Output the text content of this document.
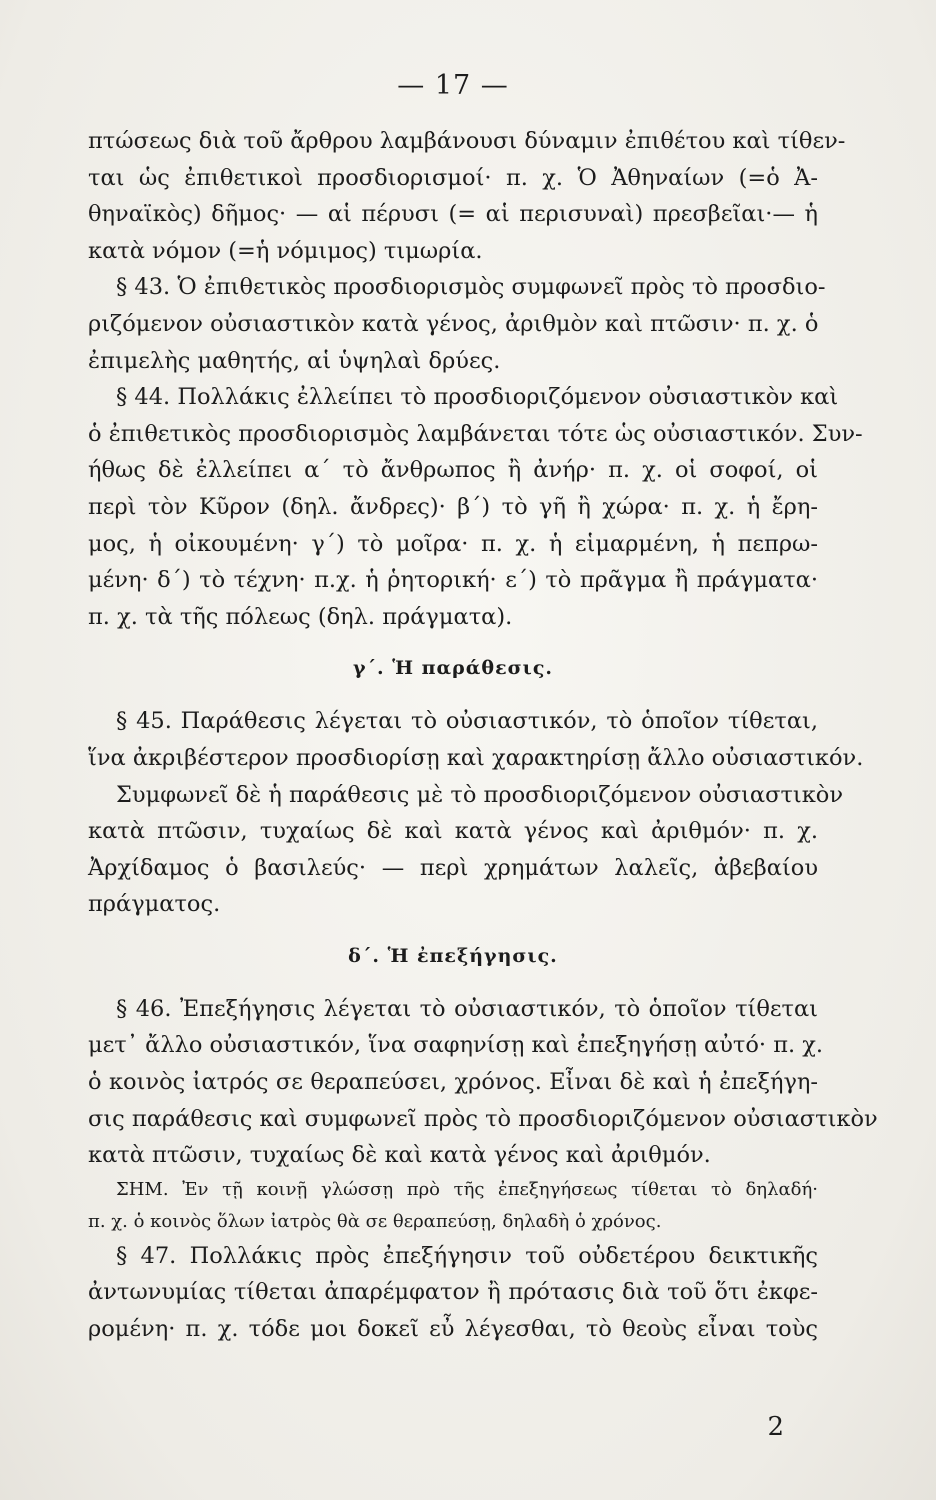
— 17 —
πτώσεως διὰ τοῦ ἄρθρου λαμβάνουσι δύναμιν ἐπιθέτου καὶ τίθεν-
ται ὡς ἐπιθετικοὶ προσδιορισμοί· π. χ. Ὁ Ἀθηναίων (=ὁ Ἀ-
θηναϊκὸς) δῆμος· — αἱ πέρυσι (= αἱ περισυναὶ) πρεσβεῖαι·— ἡ
κατὰ νόμον (=ἡ νόμιμος) τιμωρία.
§ 43. Ὁ ἐπιθετικὸς προσδιορισμὸς συμφωνεῖ πρὸς τὸ προσδιο-
ριζόμενον οὐσιαστικὸν κατὰ γένος, ἀριθμὸν καὶ πτῶσιν· π. χ. ὁ
ἐπιμελὴς μαθητής, αἱ ὑψηλαὶ δρύες.
§ 44. Πολλάκις ἐλλείπει τὸ προσδιοριζόμενον οὐσιαστικὸν καὶ
ὁ ἐπιθετικὸς προσδιορισμὸς λαμβάνεται τότε ὡς οὐσιαστικόν. Συν-
ήθως δὲ ἐλλείπει α΄ τὸ ἄνθρωπος ἢ ἀνήρ· π. χ. οἱ σοφοί, οἱ
περὶ τὸν Κῦρον (δηλ. ἄνδρες)· β΄) τὸ γῆ ἢ χώρα· π. χ. ἡ ἔρη-
μος, ἡ οἰκουμένη· γ΄) τὸ μοῖρα· π. χ. ἡ εἱμαρμένη, ἡ πεπρω-
μένη· δ΄) τὸ τέχνη· π.χ. ἡ ῥητορική· ε΄) τὸ πρᾶγμα ἢ πράγματα·
π. χ. τὰ τῆς πόλεως (δηλ. πράγματα).
γ΄. Ἡ παράθεσις.
§ 45. Παράθεσις λέγεται τὸ οὐσιαστικόν, τὸ ὁποῖον τίθεται,
ἵνα ἀκριβέστερον προσδιορίσῃ καὶ χαρακτηρίσῃ ἄλλο οὐσιαστικόν.
Συμφωνεῖ δὲ ἡ παράθεσις μὲ τὸ προσδιοριζόμενον οὐσιαστικὸν
κατὰ πτῶσιν, τυχαίως δὲ καὶ κατὰ γένος καὶ ἀριθμόν· π. χ.
Ἀρχίδαμος ὁ βασιλεύς· — περὶ χρημάτων λαλεῖς, ἀβεβαίου
πράγματος.
δ΄. Ἡ ἐπεξήγησις.
§ 46. Ἐπεξήγησις λέγεται τὸ οὐσιαστικόν, τὸ ὁποῖον τίθεται
μετ᾽ ἄλλο οὐσιαστικόν, ἵνα σαφηνίσῃ καὶ ἐπεξηγήσῃ αὐτό· π. χ.
ὁ κοινὸς ἰατρός σε θεραπεύσει, χρόνος. Εἶναι δὲ καὶ ἡ ἐπεξήγη-
σις παράθεσις καὶ συμφωνεῖ πρὸς τὸ προσδιοριζόμενον οὐσιαστικὸν
κατὰ πτῶσιν, τυχαίως δὲ καὶ κατὰ γένος καὶ ἀριθμόν.
ΣΗΜ. Ἐν τῇ κοινῇ γλώσσῃ πρὸ τῆς ἐπεξηγήσεως τίθεται τὸ δηλαδή·
π. χ. ὁ κοινὸς ὅλων ἰατρὸς θὰ σε θεραπεύσῃ, δηλαδὴ ὁ χρόνος.
§ 47. Πολλάκις πρὸς ἐπεξήγησιν τοῦ οὐδετέρου δεικτικῆς
ἀντωνυμίας τίθεται ἀπαρέμφατον ἢ πρότασις διὰ τοῦ ὅτι ἐκφε-
ρομένη· π. χ. τόδε μοι δοκεῖ εὖ λέγεσθαι, τὸ θεοὺς εἶναι τοὺς
2
